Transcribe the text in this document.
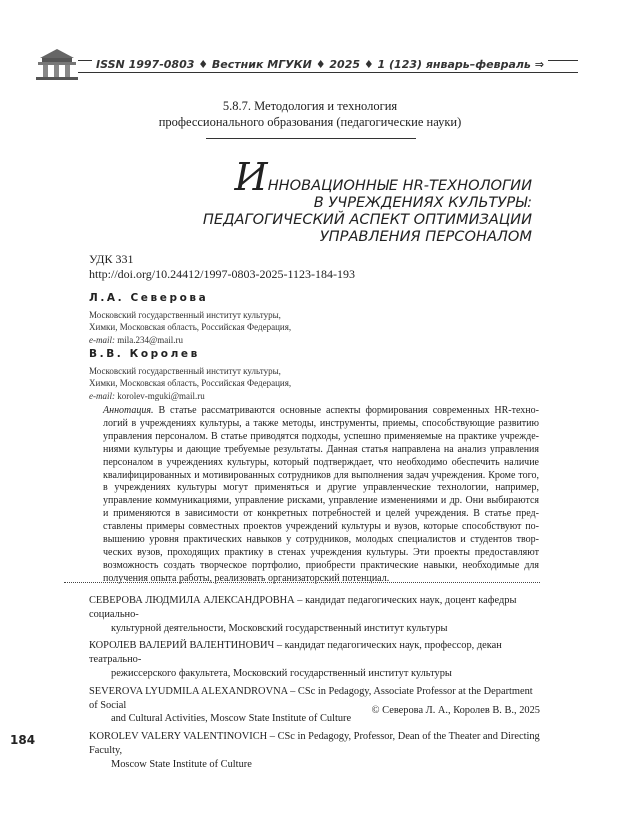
ISSN 1997-0803 ♦ Вестник МГУКИ ♦ 2025 ♦ 1 (123) январь–февраль ⇒
5.8.7. Методология и технология
профессионального образования (педагогические науки)
ИННОВАЦИОННЫЕ HR-ТЕХНОЛОГИИ
В УЧРЕЖДЕНИЯХ КУЛЬТУРЫ:
ПЕДАГОГИЧЕСКИЙ АСПЕКТ ОПТИМИЗАЦИИ
УПРАВЛЕНИЯ ПЕРСОНАЛОМ
УДК 331
http://doi.org/10.24412/1997-0803-2025-1123-184-193
Л.А. Северова
Московский государственный институт культуры,
Химки, Московская область, Российская Федерация,
e-mail: mila.234@mail.ru
В.В. Королев
Московский государственный институт культуры,
Химки, Московская область, Российская Федерация,
e-mail: korolev-mguki@mail.ru
Аннотация. В статье рассматриваются основные аспекты формирования современных HR-технологий в учреждениях культуры, а также методы, инструменты, приемы, способствующие развитию управления персоналом. В статье приводятся подходы, успешно применяемые на практике учреждениями культуры и дающие требуемые результаты. Данная статья направлена на анализ управления персоналом в учреждениях культуры, который подтверждает, что необходимо обеспечить наличие квалифицированных и мотивированных сотрудников для выполнения задач учреждения. Кроме того, в учреждениях культуры могут применяться и другие управленческие технологии, например, управление коммуникациями, управление рисками, управление изменениями и др. Они выбираются и применяются в зависимости от конкретных потребностей и целей учреждения. В статье представлены примеры совместных проектов учреждений культуры и вузов, которые способствуют повышению уровня практических навыков у сотрудников, молодых специалистов и студентов творческих вузов, проходящих практику в стенах учреждения культуры. Эти проекты предоставляют возможность создать творческое портфолио, приобрести практические навыки, необходимые для получения опыта работы, реализовать организаторский потенциал.
СЕВЕРОВА ЛЮДМИЛА АЛЕКСАНДРОВНА – кандидат педагогических наук, доцент кафедры социально-
культурной деятельности, Московский государственный институт культуры
КОРОЛЕВ ВАЛЕРИЙ ВАЛЕНТИНОВИЧ – кандидат педагогических наук, профессор, декан театрально-
режиссерского факультета, Московский государственный институт культуры
SEVEROVA LYUDMILA ALEXANDROVNA – CSc in Pedagogy, Associate Professor at the Department of Social
and Cultural Activities, Moscow State Institute of Culture
KOROLEV VALERY VALENTINOVICH – CSc in Pedagogy, Professor, Dean of the Theater and Directing Faculty,
Moscow State Institute of Culture
© Северова Л. А., Королев В. В., 2025
184
